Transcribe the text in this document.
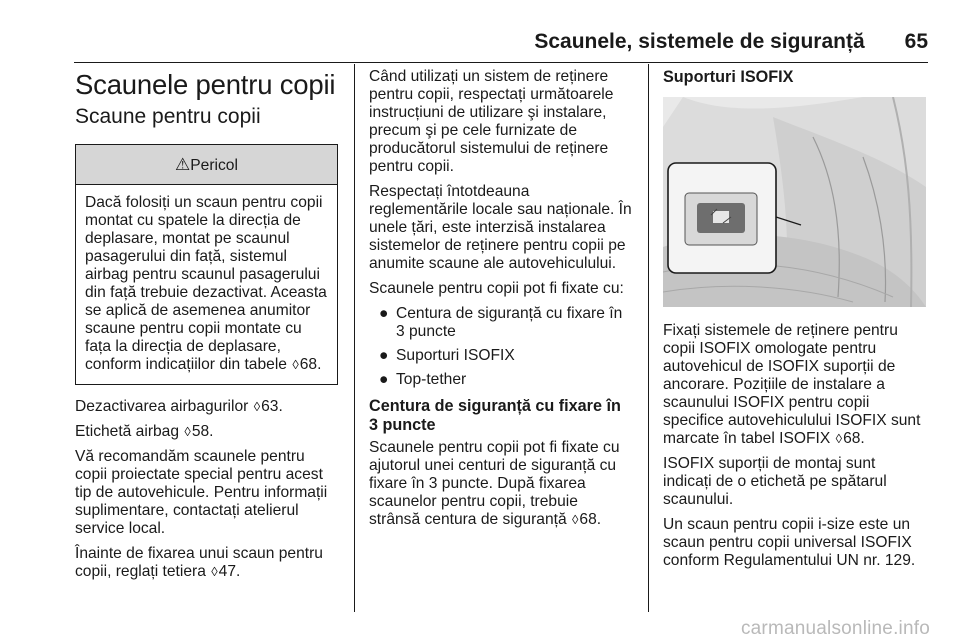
Scaunele, sistemele de siguranță 65
Scaunele pentru copii
Scaune pentru copii
⚠Pericol
Dacă folosiți un scaun pentru copii montat cu spatele la direcția de deplasare, montat pe scaunul pasagerului din față, sistemul airbag pentru scaunul pasagerului din față trebuie dezactivat. Aceasta se aplică de asemenea anumitor scaune pentru copii montate cu fața la direcția de deplasare, conform indicațiilor din tabele ◊68.

Dezactivarea airbagurilor ◊63.

Etichetă airbag ◊58.

Vă recomandăm scaunele pentru copii proiectate special pentru acest tip de autovehicule. Pentru informații suplimentare, contactați atelierul service local.

Înainte de fixarea unui scaun pentru copii, reglați tetiera ◊47.

Când utilizați un sistem de reținere pentru copii, respectați următoarele instrucțiuni de utilizare şi instalare, precum şi pe cele furnizate de producătorul sistemului de reținere pentru copii.

Respectați întotdeauna reglementările locale sau naționale. În unele țări, este interzisă instalarea sistemelor de reținere pentru copii pe anumite scaune ale autovehiculului.

Scaunele pentru copii pot fi fixate cu:

● Centura de siguranță cu fixare în 3 puncte
● Suporturi ISOFIX
● Top-tether
Centura de siguranță cu fixare în 3 puncte

Scaunele pentru copii pot fi fixate cu ajutorul unei centuri de siguranță cu fixare în 3 puncte. După fixarea scaunelor pentru copii, trebuie strânsă centura de siguranță ◊68.

Suporturi ISOFIX

Fixați sistemele de reținere pentru copii ISOFIX omologate pentru autovehicul de ISOFIX suporții de ancorare. Pozițiile de instalare a scaunului ISOFIX pentru copii specifice autovehiculului ISOFIX sunt marcate în tabel ISOFIX ◊68.

ISOFIX suporții de montaj sunt indicați de o etichetă pe spătarul scaunului.

Un scaun pentru copii i-size este un scaun pentru copii universal ISOFIX conform Regulamentului UN nr. 129.

carmanualsonline.info
